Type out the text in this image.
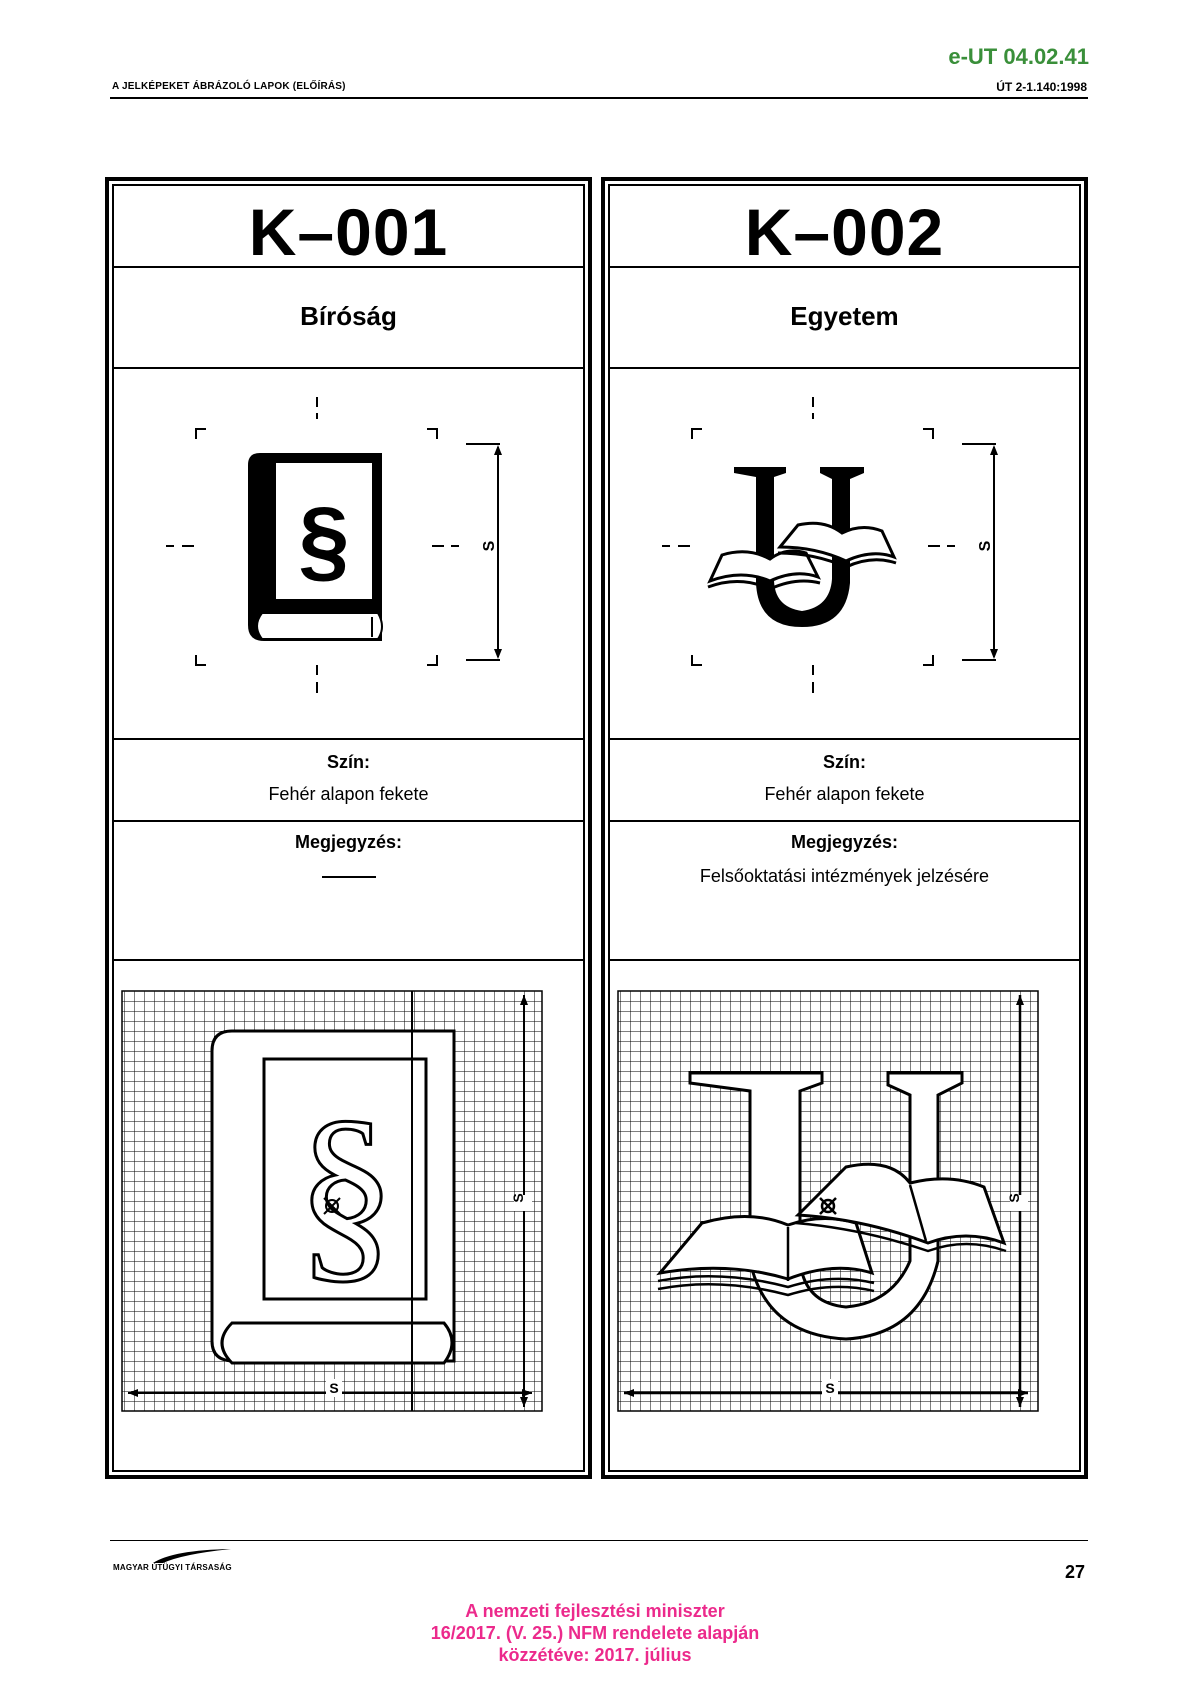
e-UT 04.02.41
A JELKÉPEKET ÁBRÁZOLÓ LAPOK (ELŐÍRÁS)	ÚT 2-1.140:1998
K–001
Bíróság
S
§
Szín:
Fehér alapon fekete
Megjegyzés:
§
S
S
K–002
Egyetem
S
Szín:
Fehér alapon fekete
Megjegyzés:
Felsőoktatási intézmények jelzésére
S
S
MAGYAR ÚTÜGYI TÁRSASÁG	27
A nemzeti fejlesztési miniszter
16/2017. (V. 25.) NFM rendelete alapján
közzétéve: 2017. július
